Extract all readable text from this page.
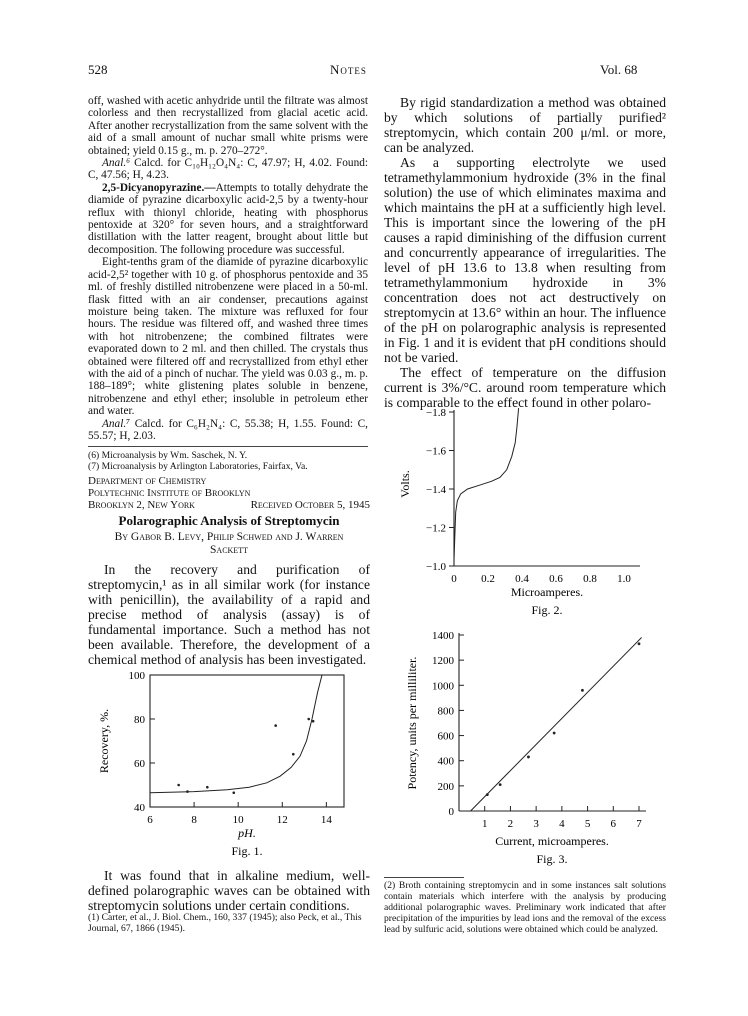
528	Notes	Vol. 68

off, washed with acetic anhydride until the filtrate was almost colorless and then recrystallized from glacial acetic acid. After another recrystallization from the same solvent with the aid of a small amount of nuchar small white prisms were obtained; yield 0.15 g., m. p. 270–272°.

Anal.⁶ Calcd. for C₁₀H₁₂O₄N₄: C, 47.97; H, 4.02. Found: C, 47.56; H, 4.23.

2,5-Dicyanopyrazine.—Attempts to totally dehydrate the diamide of pyrazine dicarboxylic acid-2,5 by a twenty-hour reflux with thionyl chloride, heating with phosphorus pentoxide at 320° for seven hours, and a straightforward distillation with the latter reagent, brought about little but decomposition. The following procedure was successful.

Eight-tenths gram of the diamide of pyrazine dicarboxylic acid-2,5² together with 10 g. of phosphorus pentoxide and 35 ml. of freshly distilled nitrobenzene were placed in a 50-ml. flask fitted with an air condenser, precautions against moisture being taken. The mixture was refluxed for four hours. The residue was filtered off, and washed three times with hot nitrobenzene; the combined filtrates were evaporated down to 2 ml. and then chilled. The crystals thus obtained were filtered off and recrystallized from ethyl ether with the aid of a pinch of nuchar. The yield was 0.03 g., m. p. 188–189°; white glistening plates soluble in benzene, nitrobenzene and ethyl ether; insoluble in petroleum ether and water.

Anal.⁷ Calcd. for C₆H₂N₄: C, 55.38; H, 1.55. Found: C, 55.57; H, 2.03.

(6) Microanalysis by Wm. Saschek, N. Y.
(7) Microanalysis by Arlington Laboratories, Fairfax, Va.
Department of Chemistry
Polytechnic Institute of Brooklyn
Brooklyn 2, New York	Received October 5, 1945
Polarographic Analysis of Streptomycin
By Gabor B. Levy, Philip Schwed and J. Warren
Sackett

In the recovery and purification of streptomycin,¹ as in all similar work (for instance with penicillin), the availability of a rapid and precise method of analysis (assay) is of fundamental importance. Such a method has not been available. Therefore, the development of a chemical method of analysis has been investigated.

40
60
80
100
6	8	10	12	14
Recovery, %.
pH.
Fig. 1.

It was found that in alkaline medium, well-defined polarographic waves can be obtained with streptomycin solutions under certain conditions.

(1) Carter, et al., J. Biol. Chem., 160, 337 (1945); also Peck, et al., This Journal, 67, 1866 (1945).

By rigid standardization a method was obtained by which solutions of partially purified² streptomycin, which contain 200 μ/ml. or more, can be analyzed.

As a supporting electrolyte we used tetramethylammonium hydroxide (3% in the final solution) the use of which eliminates maxima and which maintains the pH at a sufficiently high level. This is important since the lowering of the pH causes a rapid diminishing of the diffusion current and concurrently appearance of irregularities. The level of pH 13.6 to 13.8 when resulting from tetramethylammonium hydroxide in 3% concentration does not act destructively on streptomycin at 13.6° within an hour. The influence of the pH on polarographic analysis is represented in Fig. 1 and it is evident that pH conditions should not be varied.

The effect of temperature on the diffusion current is 3%/°C. around room temperature which is comparable to the effect found in other polaro-

−1.0
−1.2
−1.4
−1.6
−1.8
0 0.2 0.4 0.6 0.8 1.0
Volts.
Microamperes.
Fig. 2.
0
200
400
600
800
1000
1200
1400
1 2 3 4 5 6 7
Potency, units per milliliter.
Current, microamperes.
Fig. 3.
(2) Broth containing streptomycin and in some instances salt solutions contain materials which interfere with the analysis by producing additional polarographic waves. Preliminary work indicated that after precipitation of the impurities by lead ions and the removal of the excess lead by sulfuric acid, solutions were obtained which could be analyzed.
